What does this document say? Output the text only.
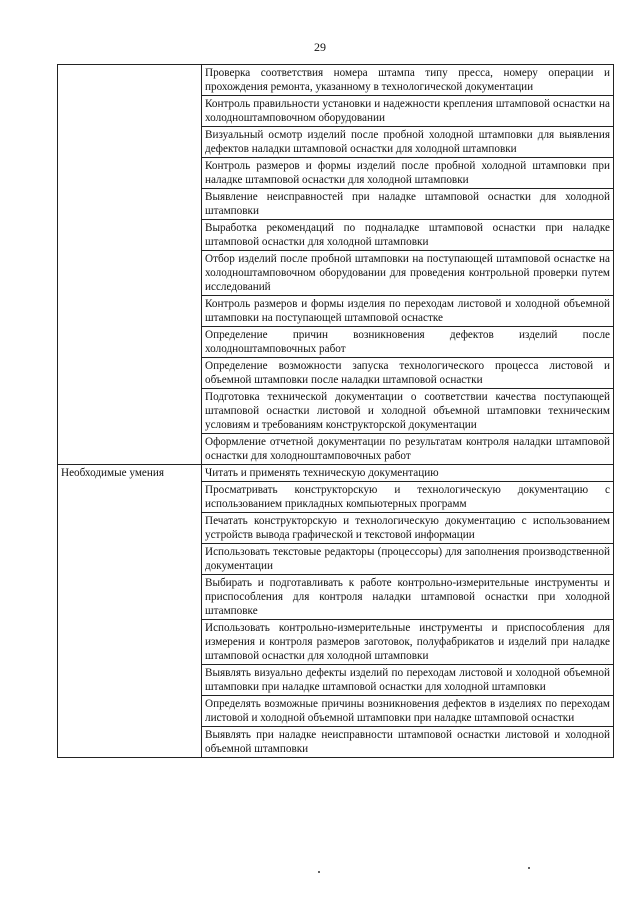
29
	Проверка соответствия номера штампа типу пресса, номеру операции и прохождения ремонта, указанному в технологической документации
	Контроль правильности установки и надежности крепления штамповой оснастки на холодноштамповочном оборудовании
	Визуальный осмотр изделий после пробной холодной штамповки для выявления дефектов наладки штамповой оснастки для холодной штамповки
	Контроль размеров и формы изделий после пробной холодной штамповки при наладке штамповой оснастки для холодной штамповки
	Выявление неисправностей при наладке штамповой оснастки для холодной штамповки
	Выработка рекомендаций по подналадке штамповой оснастки при наладке штамповой оснастки для холодной штамповки
	Отбор изделий после пробной штамповки на поступающей штамповой оснастке на холодноштамповочном оборудовании для проведения контрольной проверки путем исследований
	Контроль размеров и формы изделия по переходам листовой и холодной объемной штамповки на поступающей штамповой оснастке
	Определение причин возникновения дефектов изделий после холодноштамповочных работ
	Определение возможности запуска технологического процесса листовой и объемной штамповки после наладки штамповой оснастки
	Подготовка технической документации о соответствии качества поступающей штамповой оснастки листовой и холодной объемной штамповки техническим условиям и требованиям конструкторской документации
	Оформление отчетной документации по результатам контроля наладки штамповой оснастки для холодноштамповочных работ
Необходимые умения	Читать и применять техническую документацию
	Просматривать конструкторскую и технологическую документацию с использованием прикладных компьютерных программ
	Печатать конструкторскую и технологическую документацию с использованием устройств вывода графической и текстовой информации
	Использовать текстовые редакторы (процессоры) для заполнения производственной документации
	Выбирать и подготавливать к работе контрольно-измерительные инструменты и приспособления для контроля наладки штамповой оснастки при холодной штамповке
	Использовать контрольно-измерительные инструменты и приспособления для измерения и контроля размеров заготовок, полуфабрикатов и изделий при наладке штамповой оснастки для холодной штамповки
	Выявлять визуально дефекты изделий по переходам листовой и холодной объемной штамповки при наладке штамповой оснастки для холодной штамповки
	Определять возможные причины возникновения дефектов в изделиях по переходам листовой и холодной объемной штамповки при наладке штамповой оснастки
	Выявлять при наладке неисправности штамповой оснастки листовой и холодной объемной штамповки
